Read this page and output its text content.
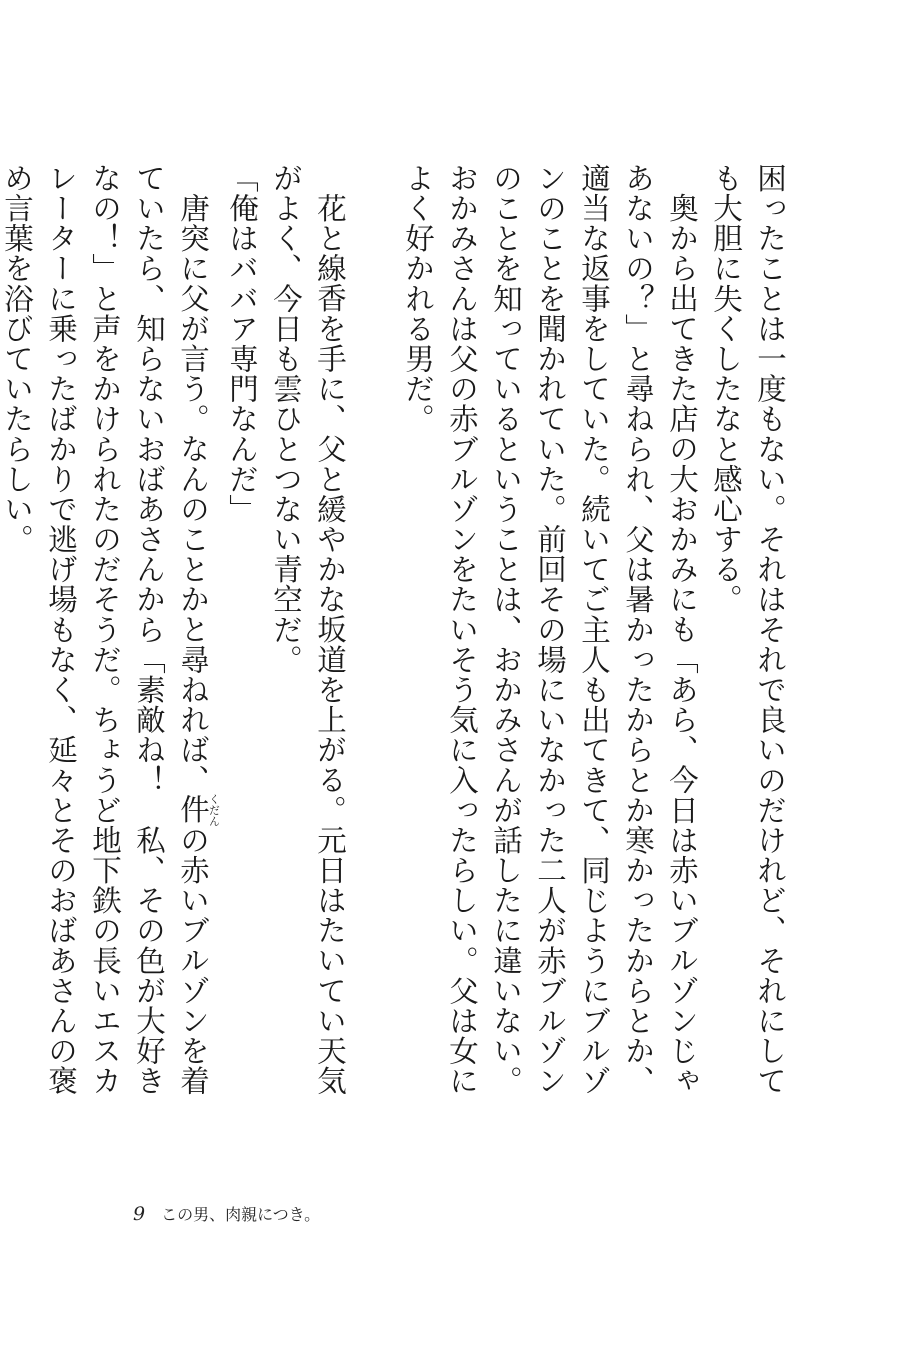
困ったことは一度もない。それはそれで良いのだけれど、それにしても大胆に失くしたなと感心する。

奥から出てきた店の大おかみにも「あら、今日は赤いブルゾンじゃあないの？」と尋ねられ、父は暑かったからとか寒かったからとか、適当な返事をしていた。続いてご主人も出てきて、同じようにブルゾンのことを聞かれていた。前回その場にいなかった二人が赤ブルゾンのことを知っているということは、おかみさんが話したに違いない。おかみさんは父の赤ブルゾンをたいそう気に入ったらしい。父は女によく好かれる男だ。

花と線香を手に、父と緩やかな坂道を上がる。元日はたいてい天気がよく、今日も雲ひとつない青空だ。

「俺はババア専門なんだ」

唐突に父が言う。なんのことかと尋ねれば、件くだんの赤いブルゾンを着ていたら、知らないおばあさんから「素敵ね！　私、その色が大好きなの！」と声をかけられたのだそうだ。ちょうど地下鉄の長いエスカレーターに乗ったばかりで逃げ場もなく、延々とそのおばあさんの褒め言葉を浴びていたらしい。

9 この男、肉親につき。
